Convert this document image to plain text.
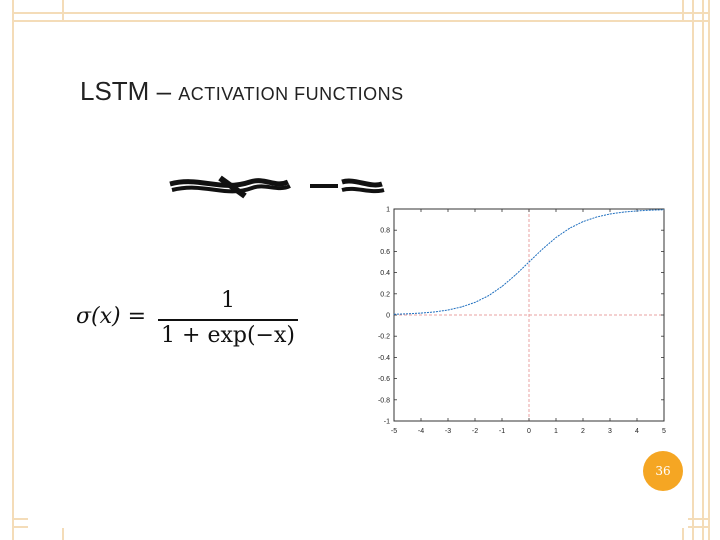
LSTM – ACTIVATION FUNCTIONS
σ(x) =
1
1 + exp(−x)
-5	-4	-3	-2	-1	0	1	2	3	4	5
1
0.8
0.6
0.4
0.2
0
-0.2
-0.4
-0.6
-0.8
-1
36
